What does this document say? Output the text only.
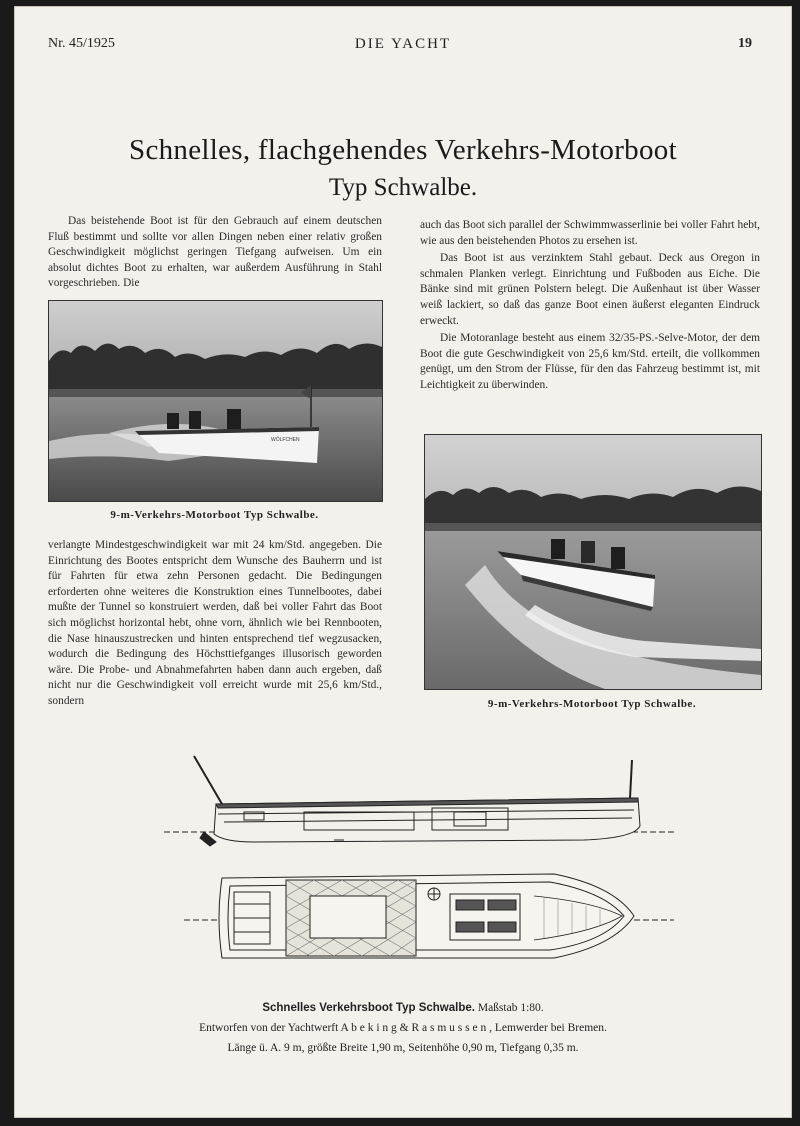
Nr. 45/1925	DIE YACHT	19
Schnelles, flachgehendes Verkehrs-Motorboot
Typ Schwalbe.

Das beistehende Boot ist für den Gebrauch auf einem deutschen Fluß bestimmt und sollte vor allen Dingen neben einer relativ großen Geschwindigkeit möglichst geringen Tiefgang aufweisen. Um ein absolut dichtes Boot zu erhalten, war außerdem Ausführung in Stahl vorgeschrieben. Die

WÖLFCHEN
9-m-Verkehrs-Motorboot Typ Schwalbe.

verlangte Mindestgeschwindigkeit war mit 24 km/Std. angegeben. Die Einrichtung des Bootes entspricht dem Wunsche des Bauherrn und ist für Fahrten für etwa zehn Personen gedacht. Die Bedingungen erforderten ohne weiteres die Konstruktion eines Tunnelbootes, dabei mußte der Tunnel so konstruiert werden, daß bei voller Fahrt das Boot sich möglichst horizontal hebt, ohne vorn, ähnlich wie bei Rennbooten, die Nase hinauszustrecken und hinten entsprechend tief wegzusacken, wodurch die Bedingung des Höchsttiefganges illusorisch geworden wäre. Die Probe- und Abnahmefahrten haben dann auch ergeben, daß nicht nur die Geschwindigkeit voll erreicht wurde mit 25,6 km/Std., sondern

auch das Boot sich parallel der Schwimmwasserlinie bei voller Fahrt hebt, wie aus den beistehenden Photos zu ersehen ist.

Das Boot ist aus verzinktem Stahl gebaut. Deck aus Oregon in schmalen Planken verlegt. Einrichtung und Fußboden aus Eiche. Die Bänke sind mit grünen Polstern belegt. Die Außenhaut ist über Wasser weiß lackiert, so daß das ganze Boot einen äußerst eleganten Eindruck erweckt.

Die Motoranlage besteht aus einem 32/35-PS.-Selve-Motor, der dem Boot die gute Geschwindigkeit von 25,6 km/Std. erteilt, die vollkommen genügt, um den Strom der Flüsse, für den das Fahrzeug bestimmt ist, mit Leichtigkeit zu überwinden.

9-m-Verkehrs-Motorboot Typ Schwalbe.
Schnelles Verkehrsboot Typ Schwalbe. Maßstab 1:80.
Entworfen von der Yachtwerft A b e k i n g & R a s m u s s e n , Lemwerder bei Bremen.
Länge ü. A. 9 m, größte Breite 1,90 m, Seitenhöhe 0,90 m, Tiefgang 0,35 m.
